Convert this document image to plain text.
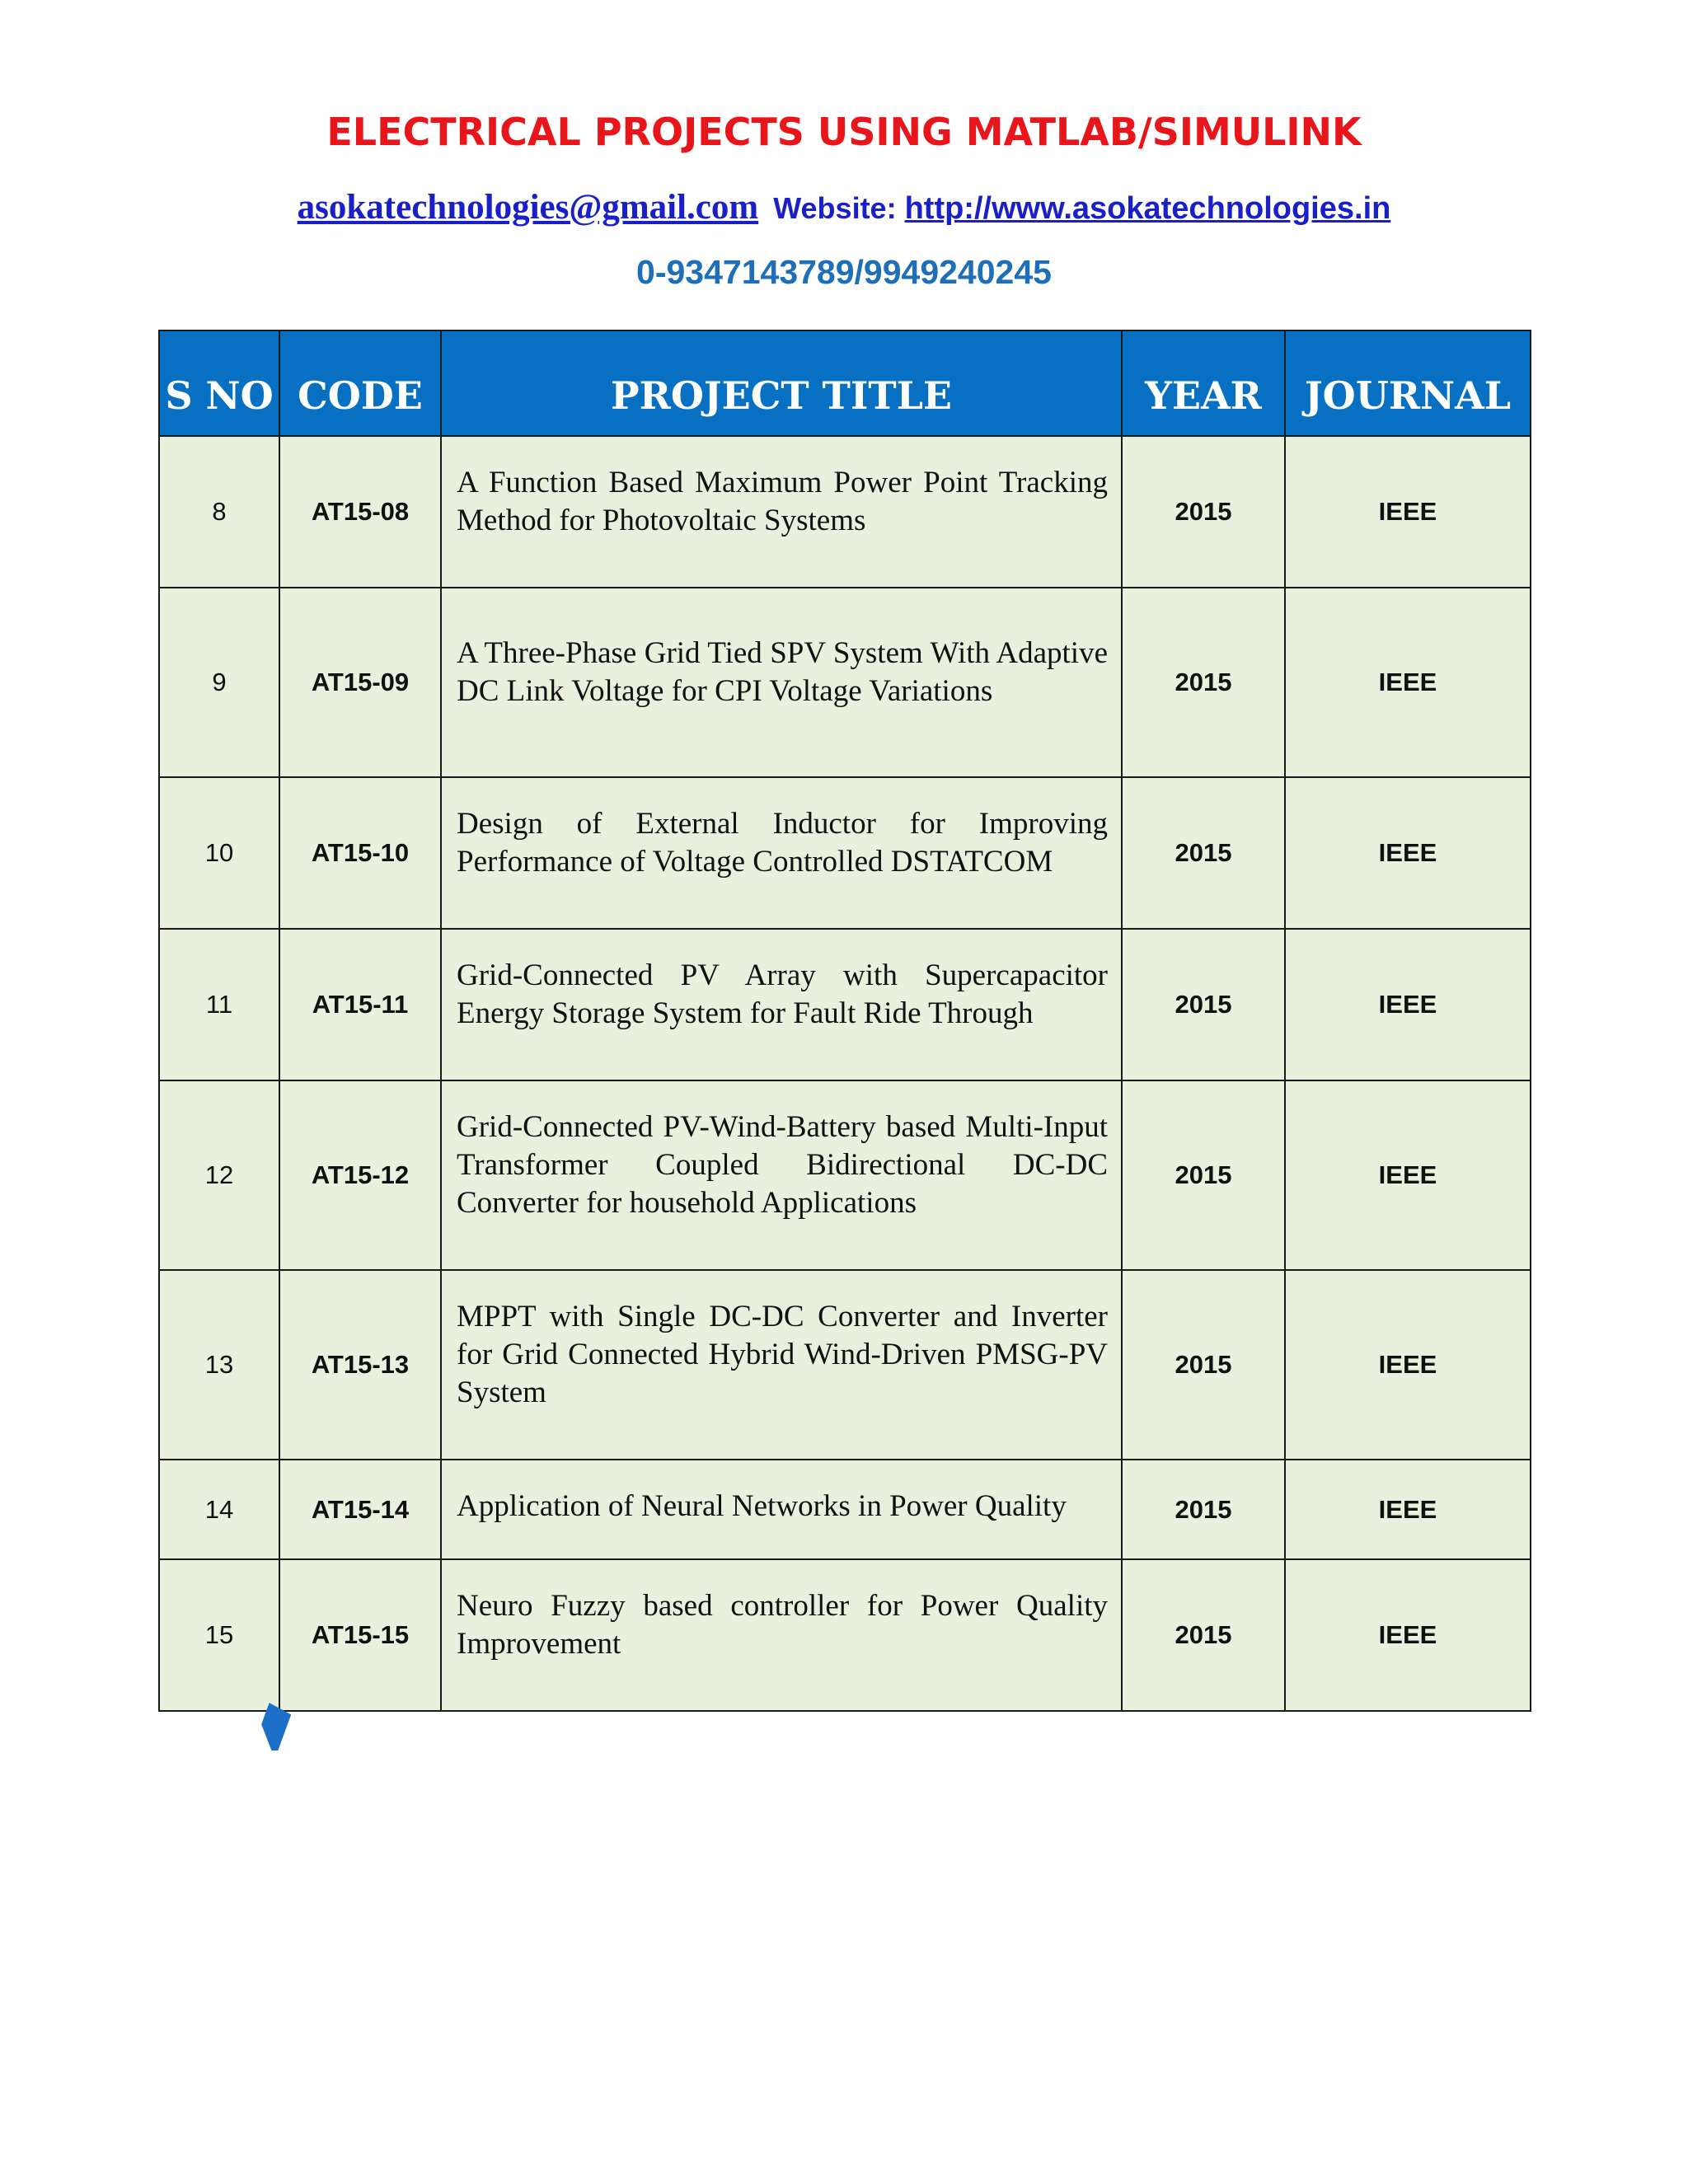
ELECTRICAL PROJECTS USING MATLAB/SIMULINK
asokatechnologies@gmail.com Website: http://www.asokatechnologies.in
0-9347143789/9949240245
S NO	CODE	PROJECT TITLE	YEAR	JOURNAL
8	AT15-08	A Function Based Maximum Power Point Tracking Method for Photovoltaic Systems	2015	IEEE
9	AT15-09	A Three-Phase Grid Tied SPV System With Adaptive DC Link Voltage for CPI Voltage Variations	2015	IEEE
10	AT15-10	Design of External Inductor for Improving Performance of Voltage Controlled DSTATCOM	2015	IEEE
11	AT15-11	Grid-Connected PV Array with Supercapacitor Energy Storage System for Fault Ride Through	2015	IEEE
12	AT15-12	Grid-Connected PV-Wind-Battery based Multi-Input Transformer Coupled Bidirectional DC-DC Converter for household Applications	2015	IEEE
13	AT15-13	MPPT with Single DC-DC Converter and Inverter for Grid Connected Hybrid Wind-Driven PMSG-PV System	2015	IEEE
14	AT15-14	Application of Neural Networks in Power Quality	2015	IEEE
15	AT15-15	Neuro Fuzzy based controller for Power Quality Improvement	2015	IEEE
